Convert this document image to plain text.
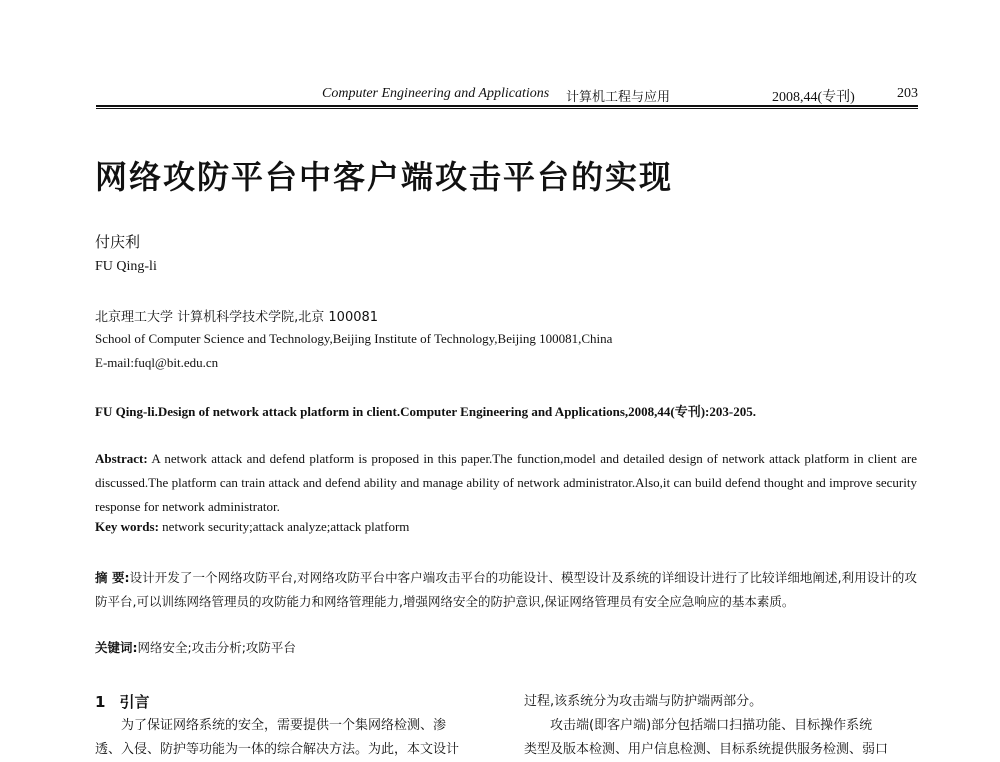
Computer Engineering and Applications 计算机工程与应用	2008,44(专刊)	203
网络攻防平台中客户端攻击平台的实现
付庆利
FU Qing-li
北京理工大学 计算机科学技术学院,北京 100081
School of Computer Science and Technology,Beijing Institute of Technology,Beijing 100081,China
E-mail:fuql@bit.edu.cn
FU Qing-li.Design of network attack platform in client.Computer Engineering and Applications,2008,44(专刊):203-205.
Abstract: A network attack and defend platform is proposed in this paper.The function,model and detailed design of network attack platform in client are discussed.The platform can train attack and defend ability and manage ability of network administrator.Also,it can build defend thought and improve security response for network administrator.
Key words: network security;attack analyze;attack platform
摘 要:设计开发了一个网络攻防平台,对网络攻防平台中客户端攻击平台的功能设计、模型设计及系统的详细设计进行了比较详细地阐述,利用设计的攻防平台,可以训练网络管理员的攻防能力和网络管理能力,增强网络安全的防护意识,保证网络管理员有安全应急响应的基本素质。
关键词:网络安全;攻击分析;攻防平台
1 引言
为了保证网络系统的安全，需要提供一个集网络检测、渗
透、入侵、防护等功能为一体的综合解决方法。为此，本文设计
过程,该系统分为攻击端与防护端两部分。
攻击端(即客户端)部分包括端口扫描功能、目标操作系统
类型及版本检测、用户信息检测、目标系统提供服务检测、弱口
